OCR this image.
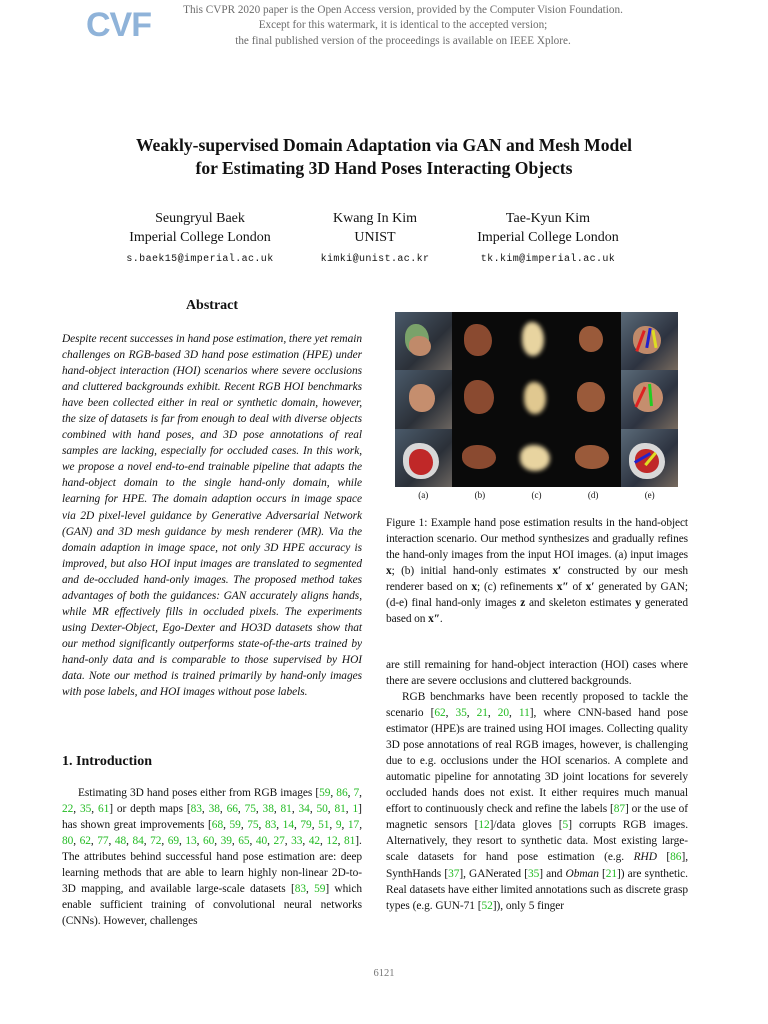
CVF	This CVPR 2020 paper is the Open Access version, provided by the Computer Vision Foundation.
Except for this watermark, it is identical to the accepted version;
the final published version of the proceedings is available on IEEE Xplore.
Weakly-supervised Domain Adaptation via GAN and Mesh Model
for Estimating 3D Hand Poses Interacting Objects
Seungryul Baek
Imperial College London
s.baek15@imperial.ac.uk
Kwang In Kim
UNIST
kimki@unist.ac.kr
Tae-Kyun Kim
Imperial College London
tk.kim@imperial.ac.uk
Abstract
Despite recent successes in hand pose estimation, there yet remain challenges on RGB-based 3D hand pose estimation (HPE) under hand-object interaction (HOI) scenarios where severe occlusions and cluttered backgrounds exhibit. Recent RGB HOI benchmarks have been collected either in real or synthetic domain, however, the size of datasets is far from enough to deal with diverse objects combined with hand poses, and 3D pose annotations of real samples are lacking, especially for occluded cases. In this work, we propose a novel end-to-end trainable pipeline that adapts the hand-object domain to the single hand-only domain, while learning for HPE. The domain adaption occurs in image space via 2D pixel-level guidance by Generative Adversarial Network (GAN) and 3D mesh guidance by mesh renderer (MR). Via the domain adaption in image space, not only 3D HPE accuracy is improved, but also HOI input images are translated to segmented and de-occluded hand-only images. The proposed method takes advantages of both the guidances: GAN accurately aligns hands, while MR effectively fills in occluded pixels. The experiments using Dexter-Object, Ego-Dexter and HO3D datasets show that our method significantly outperforms state-of-the-arts trained by hand-only data and is comparable to those supervised by HOI data. Note our method is trained primarily by hand-only images with pose labels, and HOI images without pose labels.
1. Introduction
Estimating 3D hand poses either from RGB images [59, 86, 7, 22, 35, 61] or depth maps [83, 38, 66, 75, 38, 81, 34, 50, 81, 1] has shown great improvements [68, 59, 75, 83, 14, 79, 51, 9, 17, 80, 62, 77, 48, 84, 72, 69, 13, 60, 39, 65, 40, 27, 33, 42, 12, 81]. The attributes behind successful hand pose estimation are: deep learning methods that are able to learn highly non-linear 2D-to-3D mapping, and available large-scale datasets [83, 59] which enable sufficient training of convolutional neural networks (CNNs). However, challenges
(a)	(b)	(c)	(d)	(e)
Figure 1: Example hand pose estimation results in the hand-object interaction scenario. Our method synthesizes and gradually refines the hand-only images from the input HOI images. (a) input images x; (b) initial hand-only estimates x′ constructed by our mesh renderer based on x; (c) refinements x″ of x′ generated by GAN; (d-e) final hand-only images z and skeleton estimates y generated based on x″.
are still remaining for hand-object interaction (HOI) cases where there are severe occlusions and cluttered backgrounds.
RGB benchmarks have been recently proposed to tackle the scenario [62, 35, 21, 20, 11], where CNN-based hand pose estimator (HPE)s are trained using HOI images. Collecting quality 3D pose annotations of real RGB images, however, is challenging due to e.g. occlusions under the HOI scenarios. A complete and automatic pipeline for annotating 3D joint locations for severely occluded hands does not exist. It either requires much manual effort to continuously check and refine the labels [87] or the use of magnetic sensors [12]/data gloves [5] corrupts RGB images. Alternatively, they resort to synthetic data. Most existing large-scale datasets for hand pose estimation (e.g. RHD [86], SynthHands [37], GANerated [35] and Obman [21]) are synthetic. Real datasets have either limited annotations such as discrete grasp types (e.g. GUN-71 [52]), only 5 finger
6121
